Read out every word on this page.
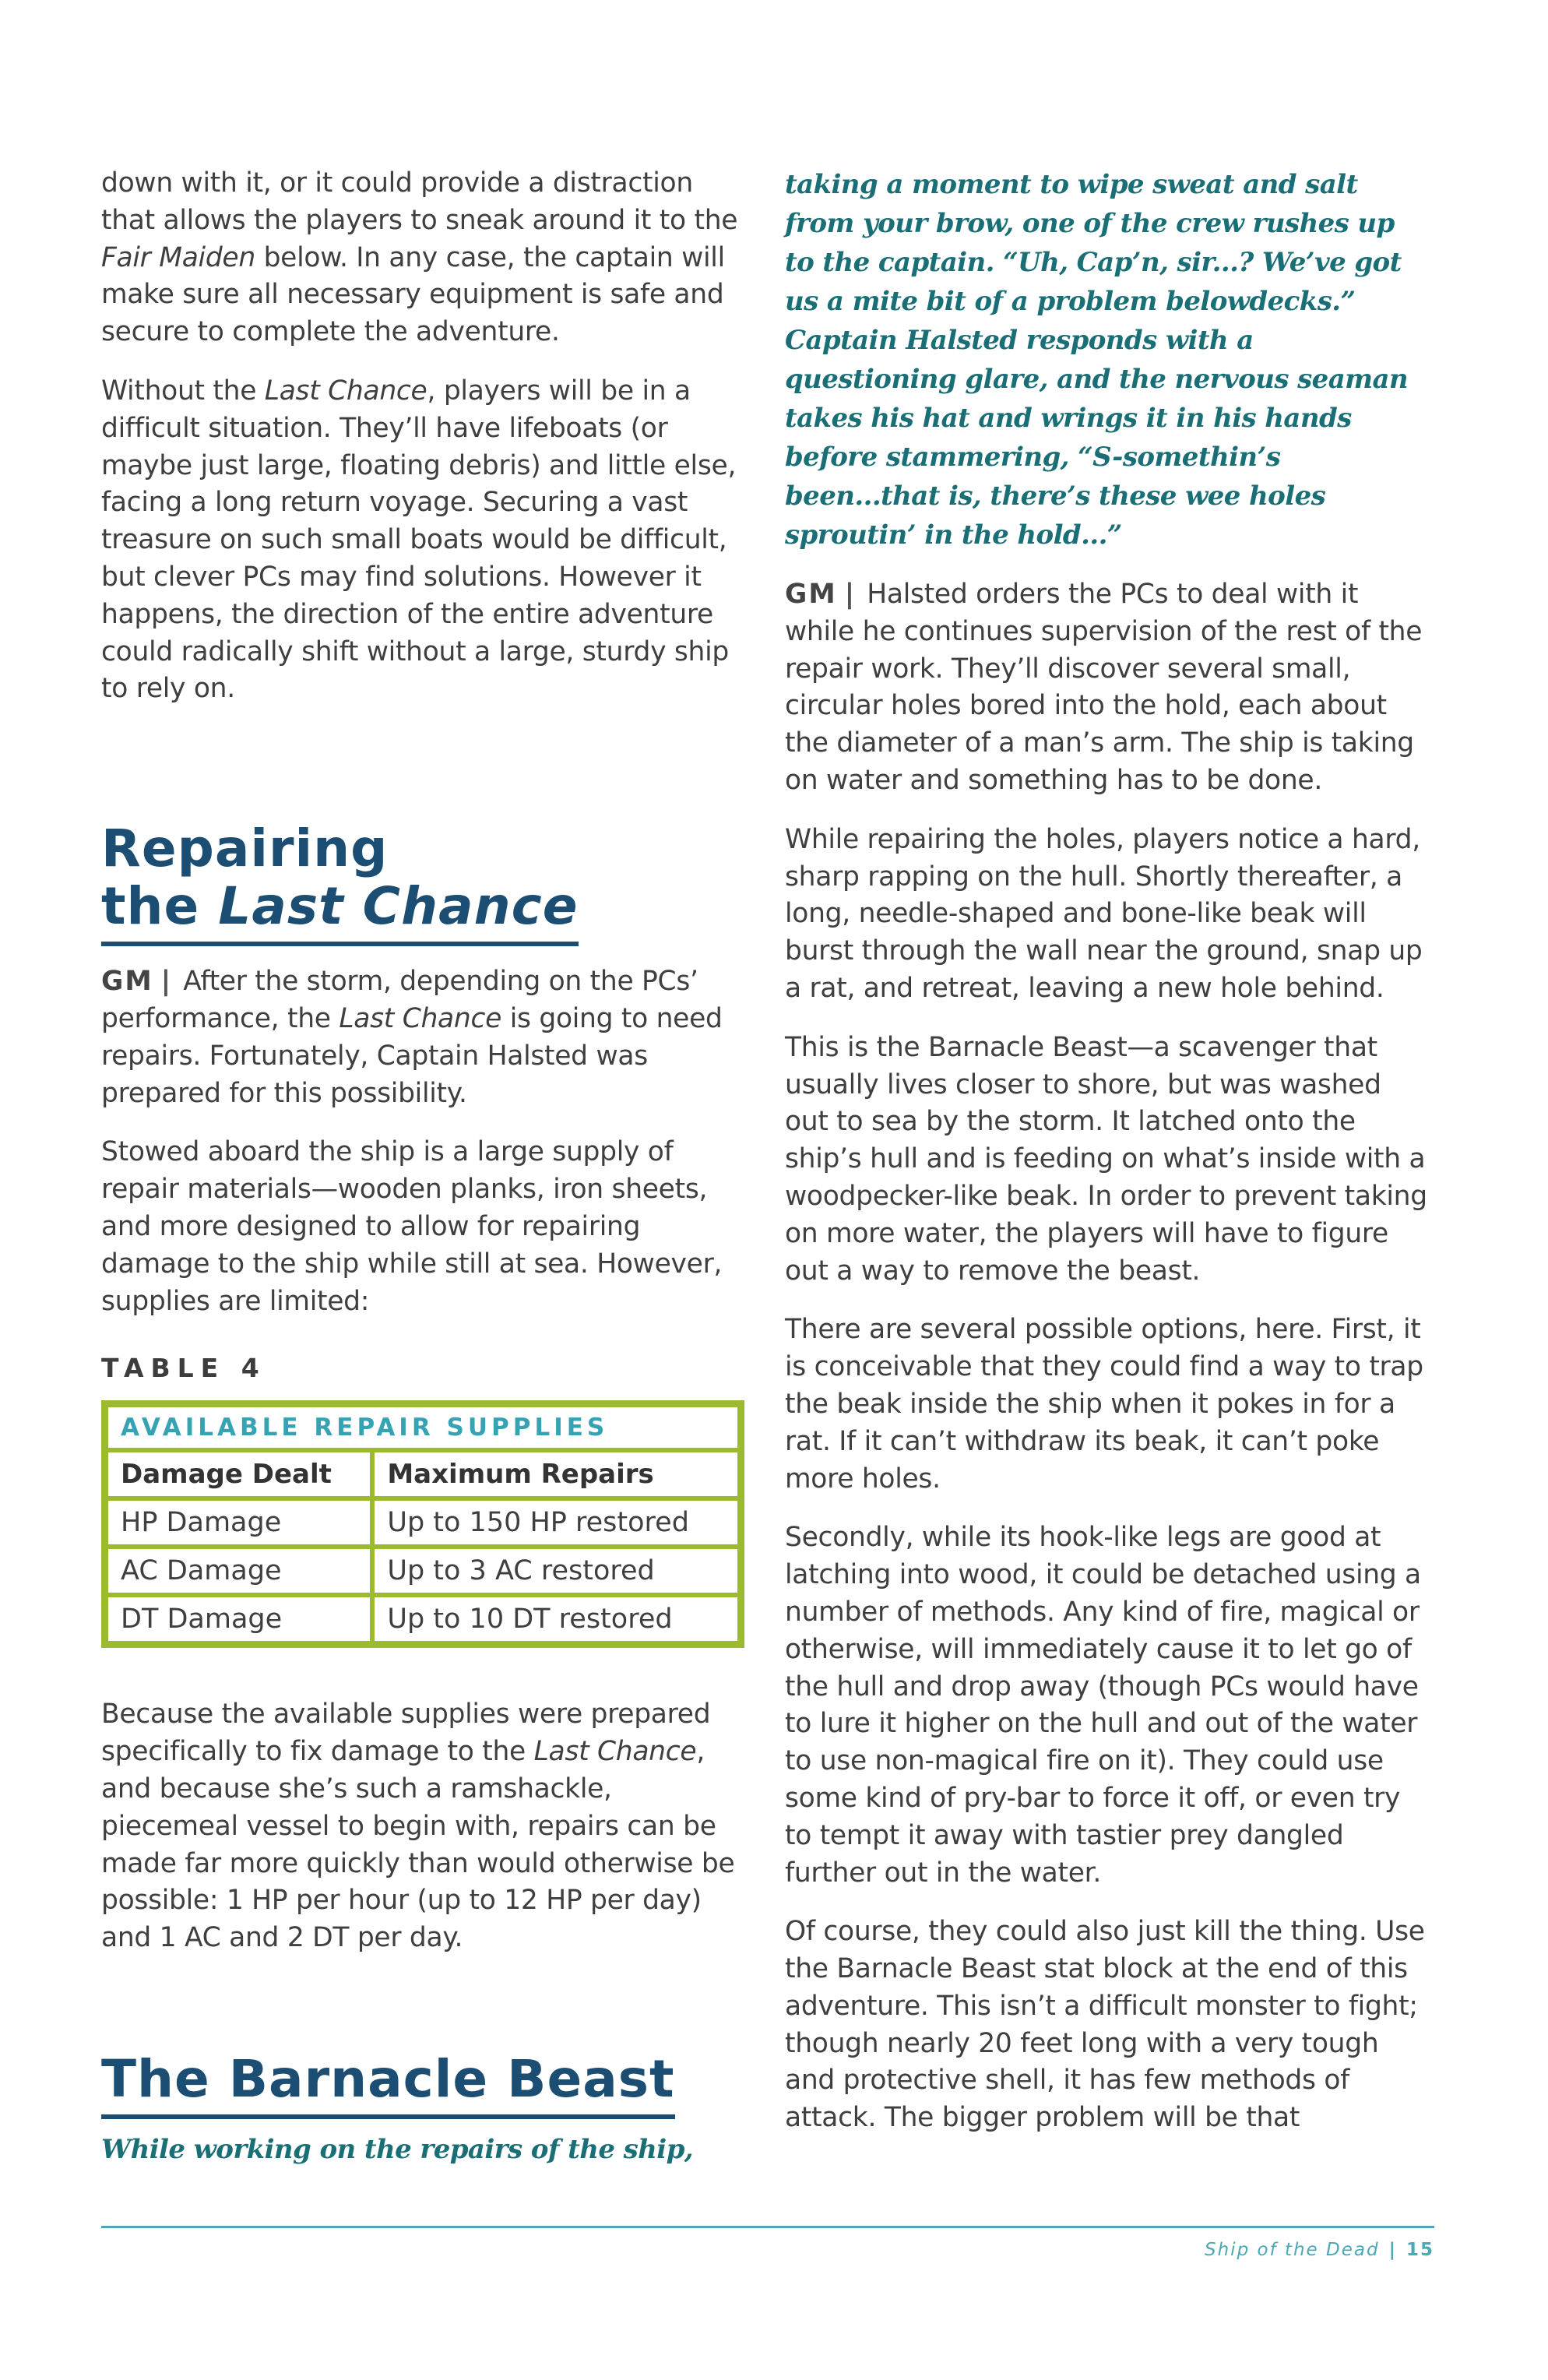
down with it, or it could provide a distraction that allows the players to sneak around it to the Fair Maiden below. In any case, the captain will make sure all necessary equipment is safe and secure to complete the adventure.

Without the Last Chance, players will be in a difficult situation. They’ll have lifeboats (or maybe just large, floating debris) and little else, facing a long return voyage. Securing a vast treasure on such small boats would be difficult, but clever PCs may find solutions. However it happens, the direction of the entire adventure could radically shift without a large, sturdy ship to rely on.

Repairing
the Last Chance

GM | After the storm, depending on the PCs’ performance, the Last Chance is going to need repairs. Fortunately, Captain Halsted was prepared for this possibility.

Stowed aboard the ship is a large supply of repair materials—wooden planks, iron sheets, and more designed to allow for repairing damage to the ship while still at sea. However, supplies are limited:

TABLE 4
AVAILABLE REPAIR SUPPLIES	
Damage Dealt	Maximum Repairs
HP Damage	Up to 150 HP restored
AC Damage	Up to 3 AC restored
DT Damage	Up to 10 DT restored

Because the available supplies were prepared specifically to fix damage to the Last Chance, and because she’s such a ramshackle, piecemeal vessel to begin with, repairs can be made far more quickly than would otherwise be possible: 1 HP per hour (up to 12 HP per day) and 1 AC and 2 DT per day.

The Barnacle Beast

While working on the repairs of the ship,

taking a moment to wipe sweat and salt from your brow, one of the crew rushes up to the captain. “Uh, Cap’n, sir...? We’ve got us a mite bit of a problem belowdecks.” Captain Halsted responds with a questioning glare, and the nervous seaman takes his hat and wrings it in his hands before stammering, “S-somethin’s been...that is, there’s these wee holes sproutin’ in the hold...”

GM | Halsted orders the PCs to deal with it while he continues supervision of the rest of the repair work. They’ll discover several small, circular holes bored into the hold, each about the diameter of a man’s arm. The ship is taking on water and something has to be done.

While repairing the holes, players notice a hard, sharp rapping on the hull. Shortly thereafter, a long, needle-shaped and bone-like beak will burst through the wall near the ground, snap up a rat, and retreat, leaving a new hole behind.

This is the Barnacle Beast—a scavenger that usually lives closer to shore, but was washed out to sea by the storm. It latched onto the ship’s hull and is feeding on what’s inside with a woodpecker-like beak. In order to prevent taking on more water, the players will have to figure out a way to remove the beast.

There are several possible options, here. First, it is conceivable that they could find a way to trap the beak inside the ship when it pokes in for a rat. If it can’t withdraw its beak, it can’t poke more holes.

Secondly, while its hook-like legs are good at latching into wood, it could be detached using a number of methods. Any kind of fire, magical or otherwise, will immediately cause it to let go of the hull and drop away (though PCs would have to lure it higher on the hull and out of the water to use non-magical fire on it). They could use some kind of pry-bar to force it off, or even try to tempt it away with tastier prey dangled further out in the water.

Of course, they could also just kill the thing. Use the Barnacle Beast stat block at the end of this adventure. This isn’t a difficult monster to fight; though nearly 20 feet long with a very tough and protective shell, it has few methods of attack. The bigger problem will be that

Ship of the Dead | 15
